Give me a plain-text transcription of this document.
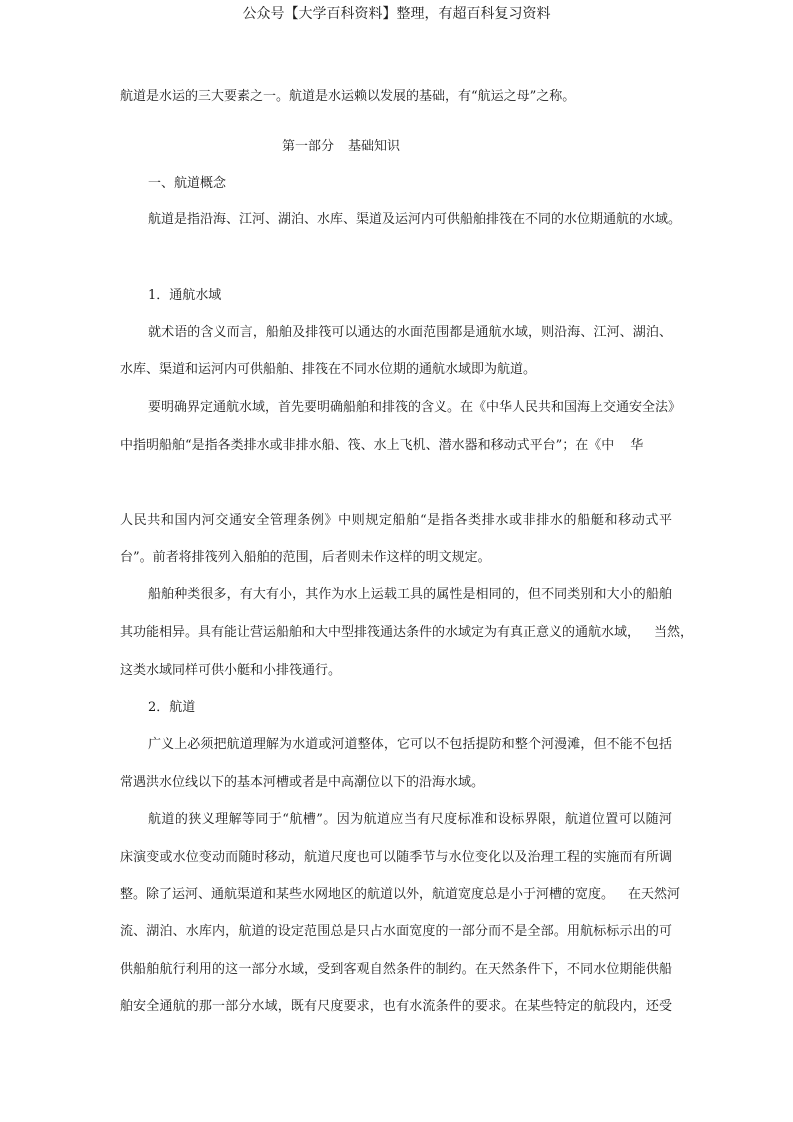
公众号【大学百科资料】整理，有超百科复习资料
航道是水运的三大要素之一。航道是水运赖以发展的基础，有“航运之母”之称。
第一部分 基础知识
一、航道概念
航道是指沿海、江河、湖泊、水库、渠道及运河内可供船舶排筏在不同的水位期通航的水域。
1．通航水域
就术语的含义而言，船舶及排筏可以通达的水面范围都是通航水域，则沿海、江河、湖泊、
水库、渠道和运河内可供船舶、排筏在不同水位期的通航水域即为航道。
要明确界定通航水域，首先要明确船舶和排筏的含义。在《中华人民共和国海上交通安全法》
中指明船舶“是指各类排水或非排水船、筏、水上飞机、潜水器和移动式平台”；在《中 华
人民共和国内河交通安全管理条例》中则规定船舶“是指各类排水或非排水的船艇和移动式平
台”。前者将排筏列入船舶的范围，后者则未作这样的明文规定。
船舶种类很多，有大有小，其作为水上运载工具的属性是相同的，但不同类别和大小的船舶
其功能相异。具有能让营运船舶和大中型排筏通达条件的水域定为有真正意义的通航水域， 当然，
这类水域同样可供小艇和小排筏通行。
2．航道
广义上必须把航道理解为水道或河道整体，它可以不包括提防和整个河漫滩，但不能不包括
常遇洪水位线以下的基本河槽或者是中高潮位以下的沿海水域。
航道的狭义理解等同于“航槽”。因为航道应当有尺度标准和设标界限，航道位置可以随河
床演变或水位变动而随时移动，航道尺度也可以随季节与水位变化以及治理工程的实施而有所调
整。除了运河、通航渠道和某些水网地区的航道以外，航道宽度总是小于河槽的宽度。 在天然河
流、湖泊、水库内，航道的设定范围总是只占水面宽度的一部分而不是全部。用航标标示出的可
供船舶航行利用的这一部分水域，受到客观自然条件的制约。在天然条件下，不同水位期能供船
舶安全通航的那一部分水域，既有尺度要求，也有水流条件的要求。在某些特定的航段内，还受
